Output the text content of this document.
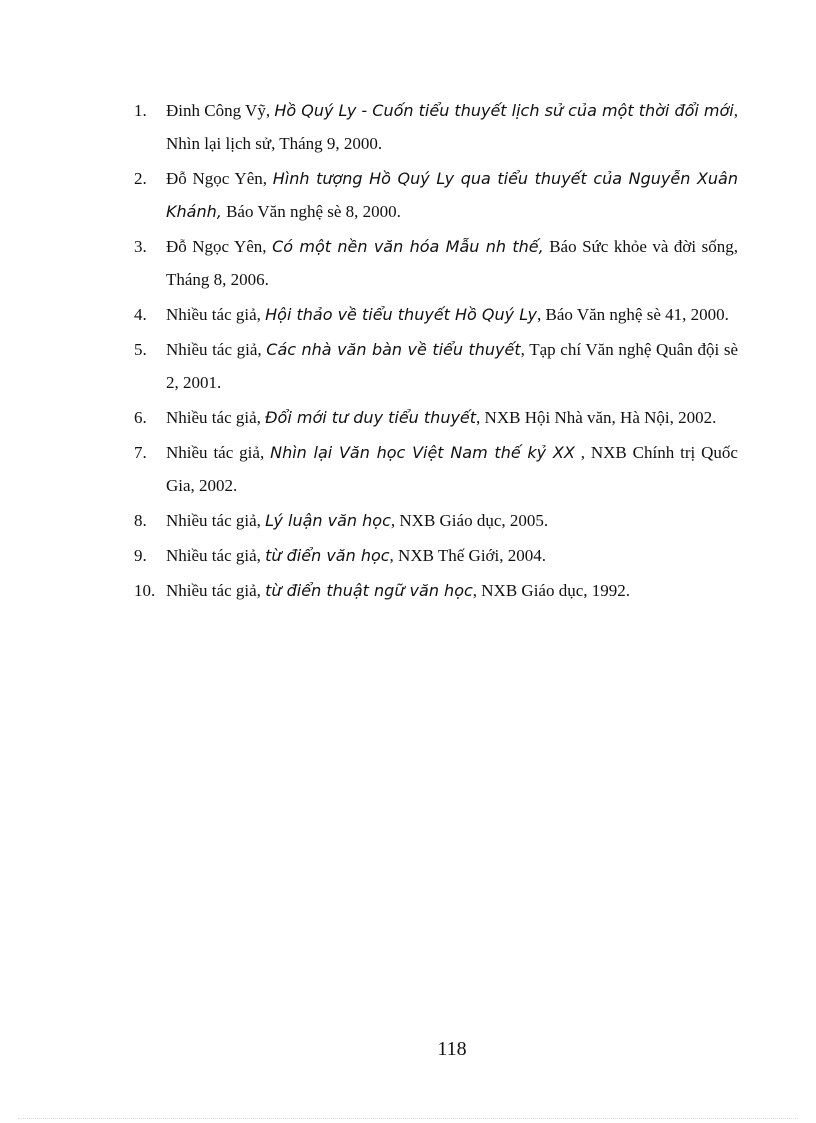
1. Đinh Công Vỹ, Hồ Quý Ly - Cuốn tiểu thuyết lịch sử của một thời đổi mới, Nhìn lại lịch sử, Tháng 9, 2000.
2. Đỗ Ngọc Yên, Hình tượng Hồ Quý Ly qua tiểu thuyết của Nguyễn Xuân Khánh, Báo Văn nghệ sè 8, 2000.
3. Đỗ Ngọc Yên, Có một nền văn hóa Mẫu nh thế, Báo Sức khỏe và đời sống, Tháng 8, 2006.
4. Nhiều tác giả, Hội thảo về tiểu thuyết Hồ Quý Ly, Báo Văn nghệ sè 41, 2000.
5. Nhiều tác giả, Các nhà văn bàn về tiểu thuyết, Tạp chí Văn nghệ Quân đội sè 2, 2001.
6. Nhiều tác giả, Đổi mới tư duy tiểu thuyết, NXB Hội Nhà văn, Hà Nội, 2002.
7. Nhiều tác giả, Nhìn lại Văn học Việt Nam thế kỷ XX , NXB Chính trị Quốc Gia, 2002.
8. Nhiều tác giả, Lý luận văn học, NXB Giáo dục, 2005.
9. Nhiều tác giả, từ điển văn học, NXB Thế Giới, 2004.
10. Nhiều tác giả, từ điển thuật ngữ văn học, NXB Giáo dục, 1992.
118
